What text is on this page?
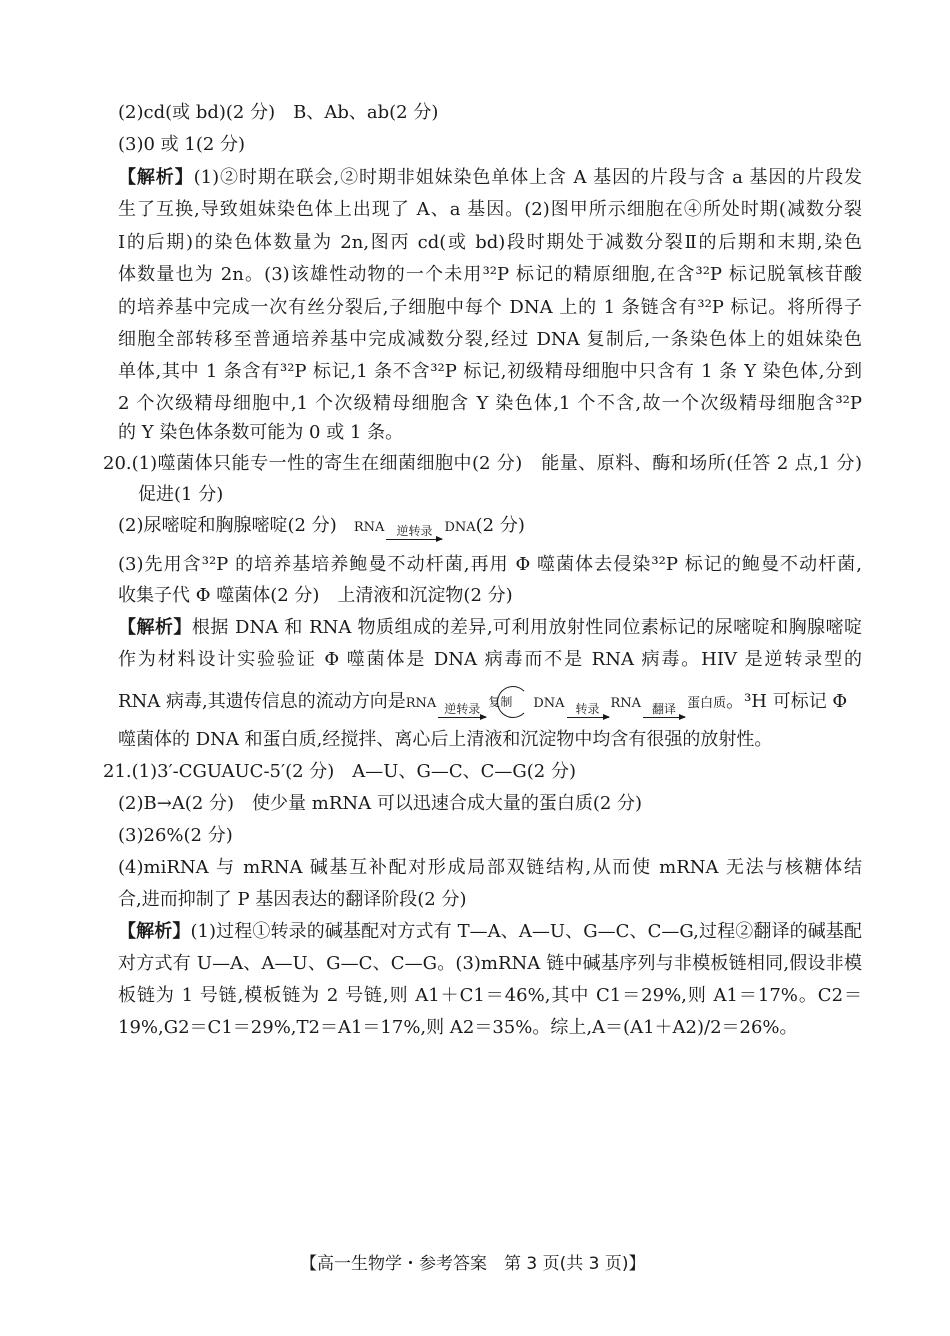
(2)cd(或 bd)(2 分)　B、Ab、ab(2 分)
(3)0 或 1(2 分)
【解析】(1)②时期在联会,②时期非姐妹染色单体上含 A 基因的片段与含 a 基因的片段发
生了互换,导致姐妹染色体上出现了 A、a 基因。(2)图甲所示细胞在④所处时期(减数分裂
Ⅰ的后期)的染色体数量为 2n,图丙 cd(或 bd)段时期处于减数分裂Ⅱ的后期和末期,染色
体数量也为 2n。(3)该雄性动物的一个未用³²P 标记的精原细胞,在含³²P 标记脱氧核苷酸
的培养基中完成一次有丝分裂后,子细胞中每个 DNA 上的 1 条链含有³²P 标记。将所得子
细胞全部转移至普通培养基中完成减数分裂,经过 DNA 复制后,一条染色体上的姐妹染色
单体,其中 1 条含有³²P 标记,1 条不含³²P 标记,初级精母细胞中只含有 1 条 Y 染色体,分到
2 个次级精母细胞中,1 个次级精母细胞含 Y 染色体,1 个不含,故一个次级精母细胞含³²P
的 Y 染色体条数可能为 0 或 1 条。
20.(1)噬菌体只能专一性的寄生在细菌细胞中(2 分)　能量、原料、酶和场所(任答 2 点,1 分)
促进(1 分)
(2)尿嘧啶和胸腺嘧啶(2 分) RNA 逆转录 DNA(2 分)
(3)先用含³²P 的培养基培养鲍曼不动杆菌,再用 Φ 噬菌体去侵染³²P 标记的鲍曼不动杆菌,
收集子代 Φ 噬菌体(2 分)　上清液和沉淀物(2 分)
【解析】根据 DNA 和 RNA 物质组成的差异,可利用放射性同位素标记的尿嘧啶和胸腺嘧啶
作为材料设计实验验证 Φ 噬菌体是 DNA 病毒而不是 RNA 病毒。HIV 是逆转录型的
RNA 病毒,其遗传信息的流动方向是RNA 逆转录 复制 DNA 转录 RNA 翻译 蛋白质。³H 可标记 Φ
噬菌体的 DNA 和蛋白质,经搅拌、离心后上清液和沉淀物中均含有很强的放射性。
21.(1)3′-CGUAUC-5′(2 分)　A—U、G—C、C—G(2 分)
(2)B→A(2 分)　使少量 mRNA 可以迅速合成大量的蛋白质(2 分)
(3)26%(2 分)
(4)miRNA 与 mRNA 碱基互补配对形成局部双链结构,从而使 mRNA 无法与核糖体结
合,进而抑制了 P 基因表达的翻译阶段(2 分)
【解析】(1)过程①转录的碱基配对方式有 T—A、A—U、G—C、C—G,过程②翻译的碱基配
对方式有 U—A、A—U、G—C、C—G。(3)mRNA 链中碱基序列与非模板链相同,假设非模
板链为 1 号链,模板链为 2 号链,则 A1＋C1＝46%,其中 C1＝29%,则 A1＝17%。C2＝
19%,G2＝C1＝29%,T2＝A1＝17%,则 A2＝35%。综上,A＝(A1＋A2)/2＝26%。
【高一生物学・参考答案　第 3 页(共 3 页)】
